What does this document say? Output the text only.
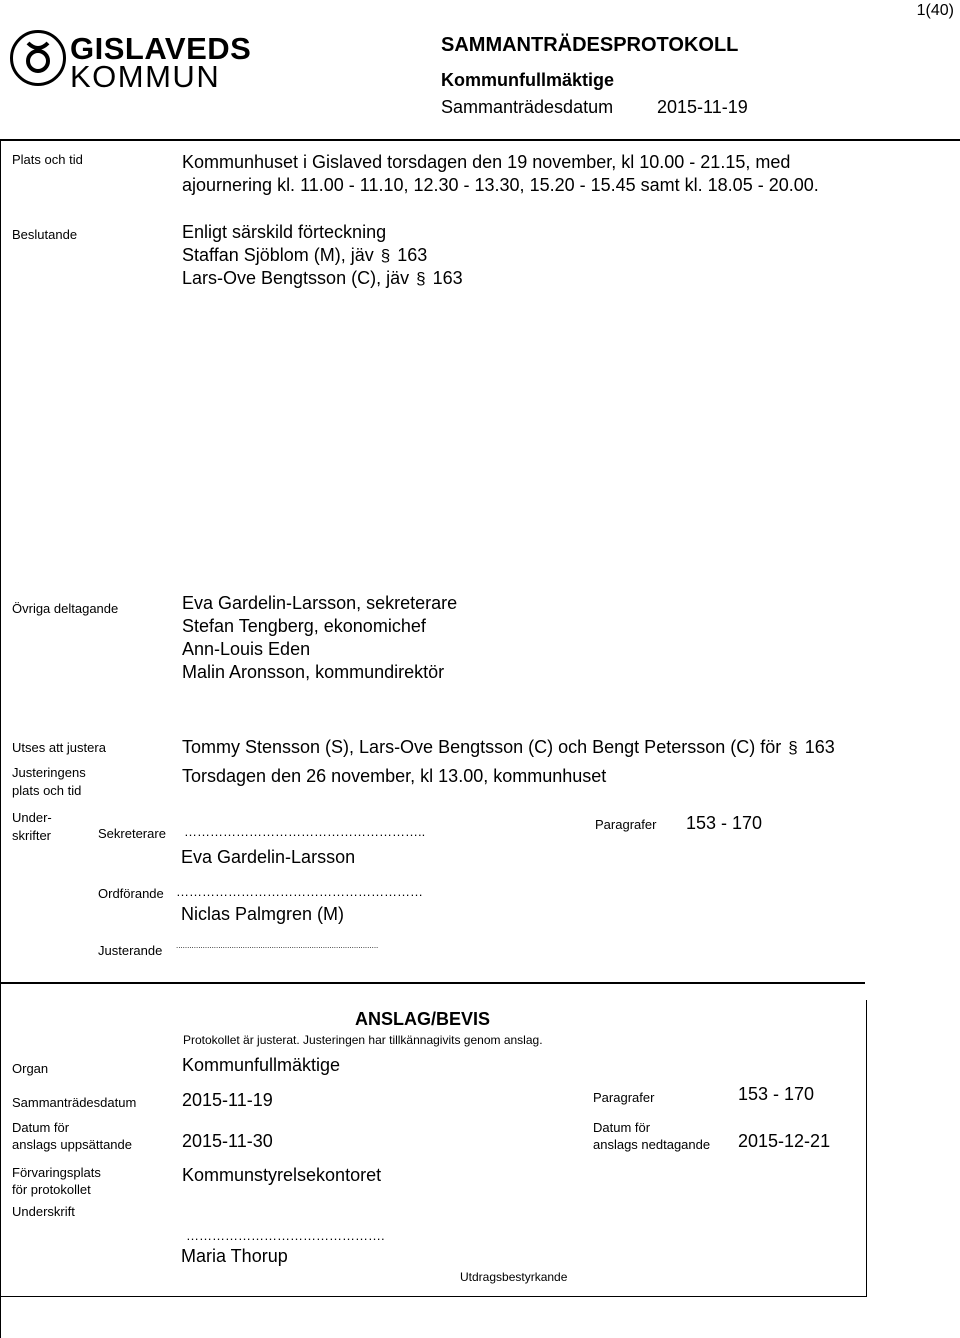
1(40)
GISLAVEDS
KOMMUN
SAMMANTRÄDESPROTOKOLL
Kommunfullmäktige
Sammanträdesdatum 2015-11-19
Plats och tid	Kommunhuset i Gislaved torsdagen den 19 november, kl 10.00 - 21.15, med
ajournering kl. 11.00 - 11.10, 12.30 - 13.30, 15.20 - 15.45 samt kl. 18.05 - 20.00.
Beslutande	Enligt särskild förteckning
Staffan Sjöblom (M), jäv § 163
Lars-Ove Bengtsson (C), jäv § 163
Övriga deltagande	Eva Gardelin-Larsson, sekreterare
Stefan Tengberg, ekonomichef
Ann-Louis Eden
Malin Aronsson, kommundirektör
Utses att justera	Tommy Stensson (S), Lars-Ove Bengtsson (C) och Bengt Petersson (C) för § 163
Justeringens
plats och tid
Torsdagen den 26 november, kl 13.00, kommunhuset
Under-
skrifter	Sekreterare ………………………………………………..
Eva Gardelin-Larsson
Paragrafer 153 - 170
Ordförande …………………………………………………
Niclas Palmgren (M)
Justerande ...........................................................................................
ANSLAG/BEVIS
Protokollet är justerat. Justeringen har tillkännagivits genom anslag.
Organ	Kommunfullmäktige
Sammanträdesdatum	2015-11-19	Paragrafer	153 - 170
Datum för
anslags uppsättande	2015-11-30
Datum för
anslags nedtagande 2015-12-21
Förvaringsplats
för protokollet
Kommunstyrelsekontoret
Underskrift
……………………………………….
Maria Thorup
Utdragsbestyrkande
